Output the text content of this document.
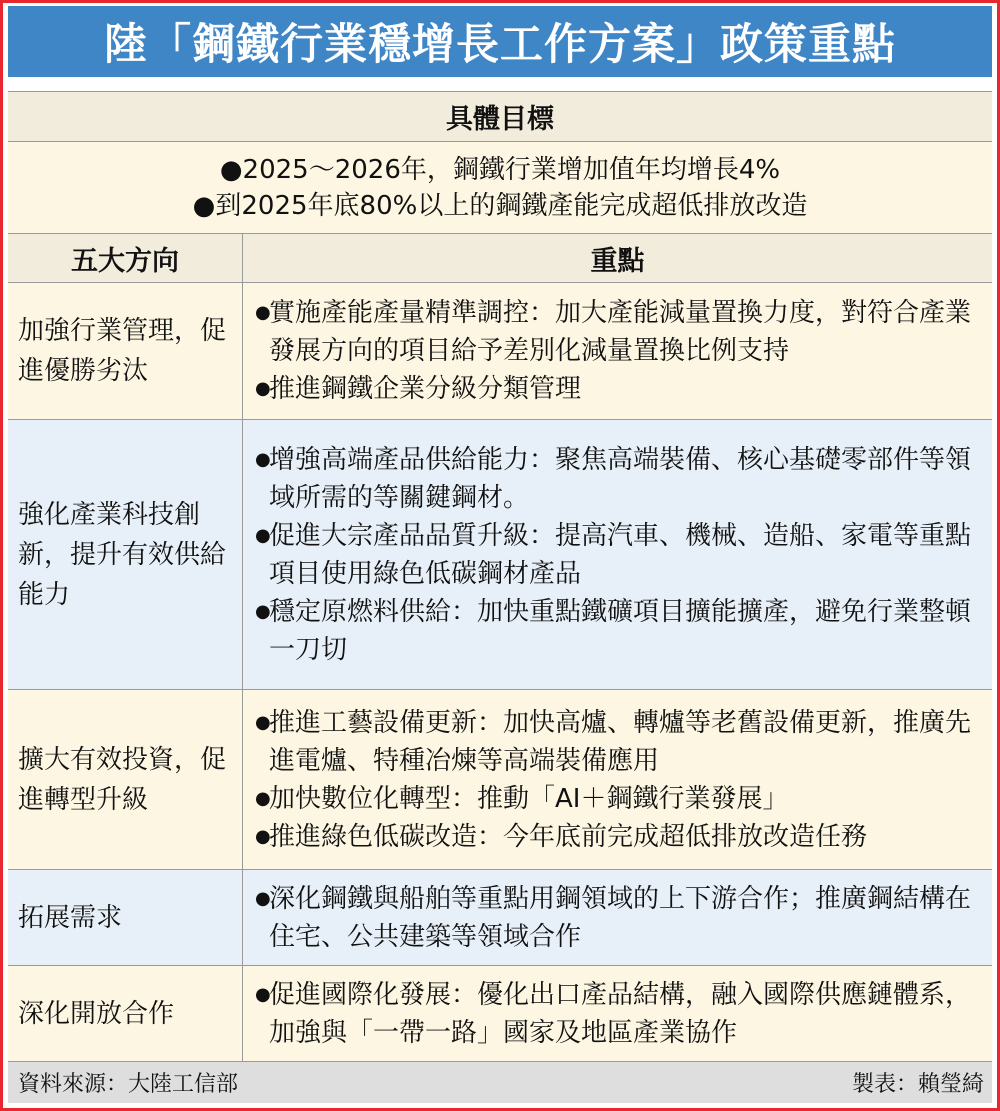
陸「鋼鐵行業穩增長工作方案」政策重點
具體目標
●2025～2026年，鋼鐵行業增加值年均增長4%
●到2025年底80%以上的鋼鐵產能完成超低排放改造
五大方向	重點
加強行業管理，促進優勝劣汰
●
實施產能產量精準調控：加大產能減量置換力度，對符合產業發展方向的項目給予差別化減量置換比例支持
●
推進鋼鐵企業分級分類管理
強化產業科技創新，提升有效供給能力
●
增強高端產品供給能力：聚焦高端裝備、核心基礎零部件等領域所需的等關鍵鋼材。
●
促進大宗產品品質升級：提高汽車、機械、造船、家電等重點項目使用綠色低碳鋼材產品
●
穩定原燃料供給：加快重點鐵礦項目擴能擴產，避免行業整頓一刀切
擴大有效投資，促進轉型升級
●
推進工藝設備更新：加快高爐、轉爐等老舊設備更新，推廣先進電爐、特種冶煉等高端裝備應用
●
加快數位化轉型：推動「AI＋鋼鐵行業發展」
●
推進綠色低碳改造：今年底前完成超低排放改造任務
拓展需求
●
深化鋼鐵與船舶等重點用鋼領域的上下游合作；推廣鋼結構在住宅、公共建築等領域合作
深化開放合作
●
促進國際化發展：優化出口產品結構，融入國際供應鏈體系，加強與「一帶一路」國家及地區產業協作
資料來源：大陸工信部	製表：賴瑩綺
